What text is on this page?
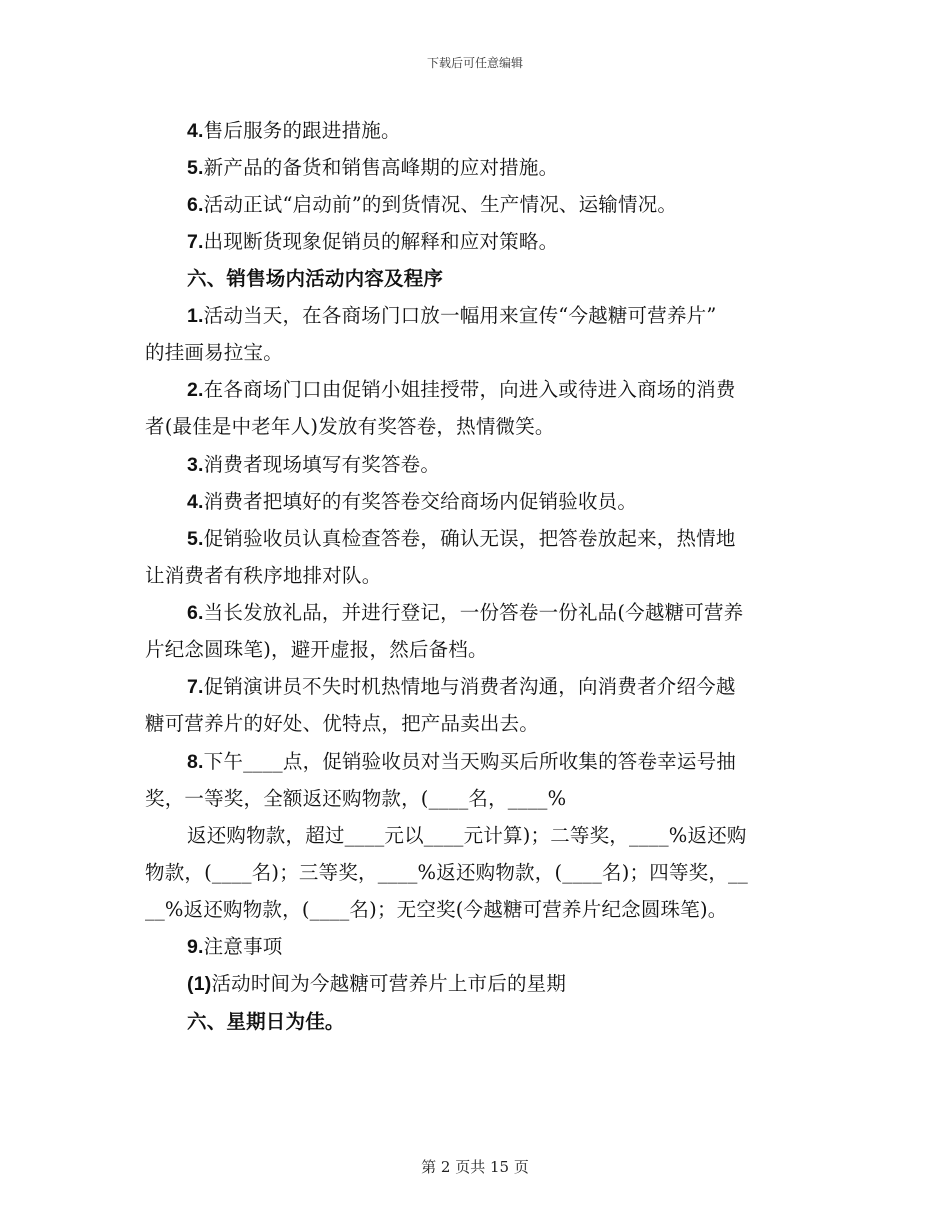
下载后可任意编辑
4.售后服务的跟进措施。
5.新产品的备货和销售高峰期的应对措施。
6.活动正试“启动前”的到货情况、生产情况、运输情况。
7.出现断货现象促销员的解释和应对策略。
六、销售场内活动内容及程序
1.活动当天，在各商场门口放一幅用来宣传“今越糖可营养片”
的挂画易拉宝。
2.在各商场门口由促销小姐挂授带，向进入或待进入商场的消费
者(最佳是中老年人)发放有奖答卷，热情微笑。
3.消费者现场填写有奖答卷。
4.消费者把填好的有奖答卷交给商场内促销验收员。
5.促销验收员认真检查答卷，确认无误，把答卷放起来，热情地
让消费者有秩序地排对队。
6.当长发放礼品，并进行登记，一份答卷一份礼品(今越糖可营养
片纪念圆珠笔)，避开虚报，然后备档。
7.促销演讲员不失时机热情地与消费者沟通，向消费者介绍今越
糖可营养片的好处、优特点，把产品卖出去。
8.下午____点，促销验收员对当天购买后所收集的答卷幸运号抽
奖，一等奖，全额返还购物款，(____名，____%
返还购物款，超过____元以____元计算)；二等奖，____%返还购
物款，(____名)；三等奖，____%返还购物款，(____名)；四等奖，__
__%返还购物款，(____名)；无空奖(今越糖可营养片纪念圆珠笔)。
9.注意事项
(1)活动时间为今越糖可营养片上市后的星期
六、星期日为佳。
第 2 页共 15 页
